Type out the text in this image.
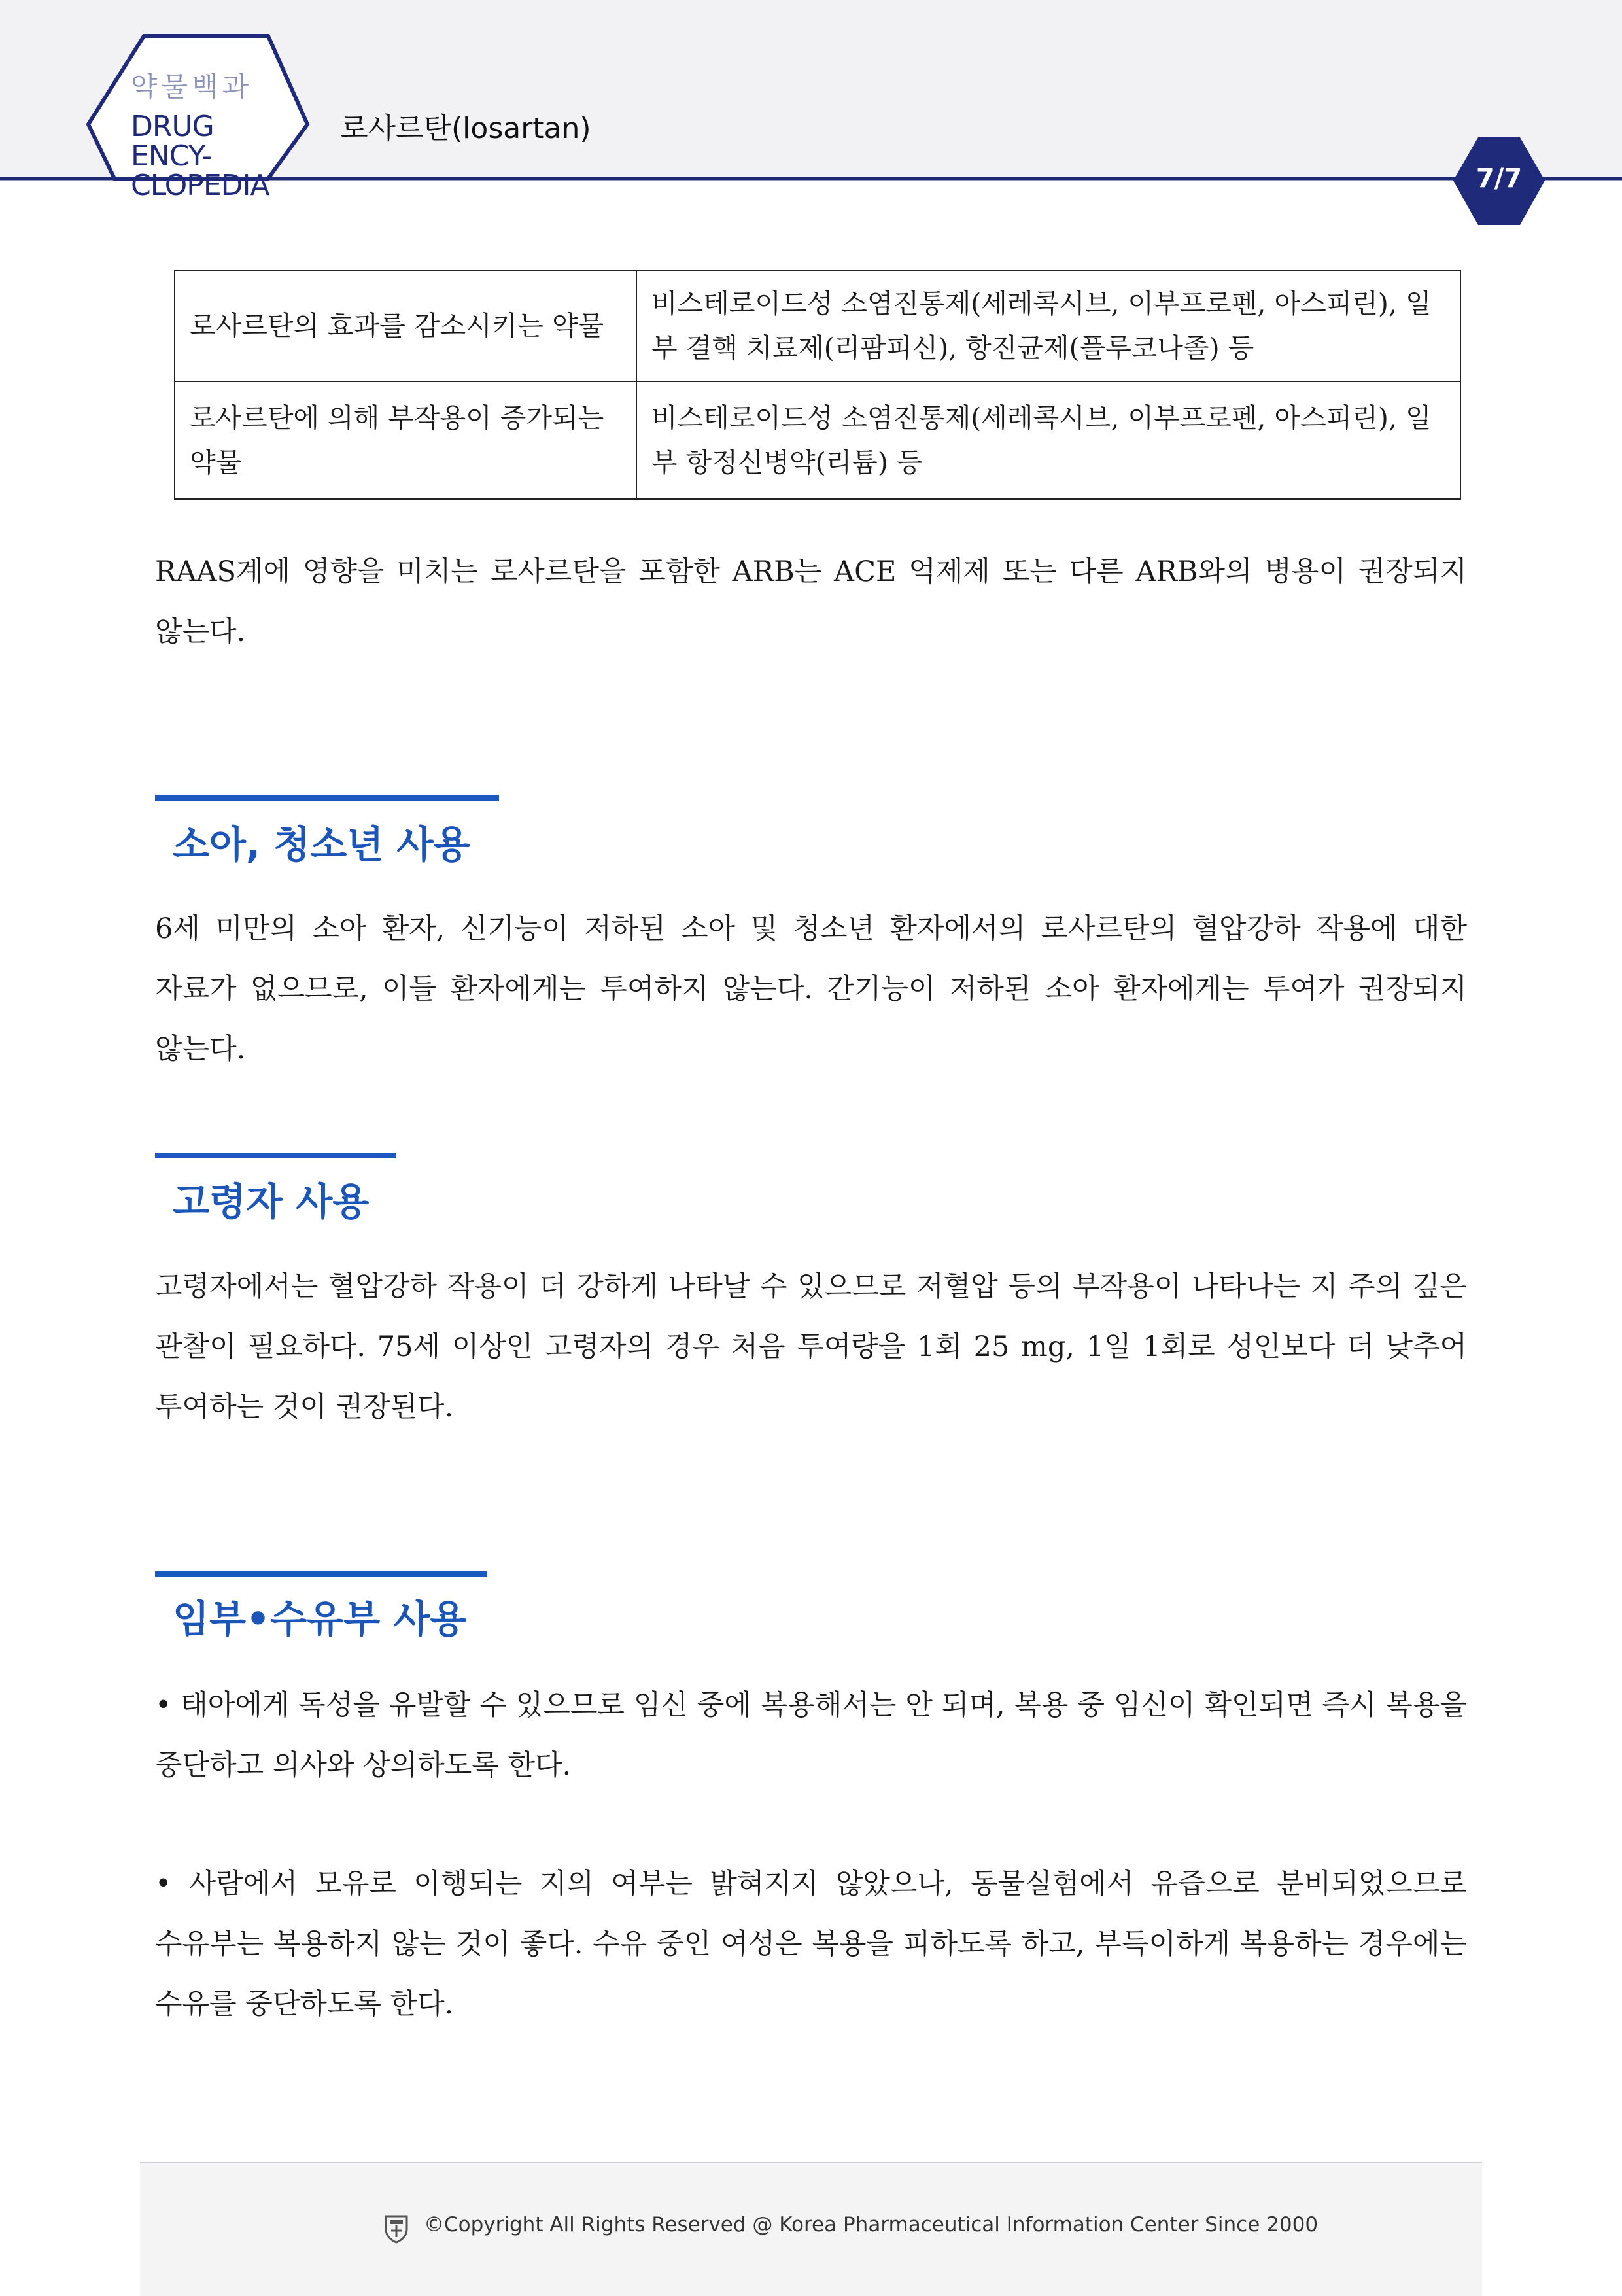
약물백과
DRUG ENCY-
CLOPEDIA
로사르탄(losartan)
7/7
로사르탄의 효과를 감소시키는 약물	비스테로이드성 소염진통제(세레콕시브, 이부프로펜, 아스피린), 일부 결핵 치료제(리팜피신), 항진균제(플루코나졸) 등
로사르탄에 의해 부작용이 증가되는 약물	비스테로이드성 소염진통제(세레콕시브, 이부프로펜, 아스피린), 일부 항정신병약(리튬) 등
RAAS계에 영향을 미치는 로사르탄을 포함한 ARB는 ACE 억제제 또는 다른 ARB와의 병용이 권장되지 않는다.
소아, 청소년 사용
6세 미만의 소아 환자, 신기능이 저하된 소아 및 청소년 환자에서의 로사르탄의 혈압강하 작용에 대한 자료가 없으므로, 이들 환자에게는 투여하지 않는다. 간기능이 저하된 소아 환자에게는 투여가 권장되지 않는다.
고령자 사용
고령자에서는 혈압강하 작용이 더 강하게 나타날 수 있으므로 저혈압 등의 부작용이 나타나는 지 주의 깊은 관찰이 필요하다. 75세 이상인 고령자의 경우 처음 투여량을 1회 25 mg, 1일 1회로 성인보다 더 낮추어 투여하는 것이 권장된다.
임부•수유부 사용
• 태아에게 독성을 유발할 수 있으므로 임신 중에 복용해서는 안 되며, 복용 중 임신이 확인되면 즉시 복용을 중단하고 의사와 상의하도록 한다.
• 사람에서 모유로 이행되는 지의 여부는 밝혀지지 않았으나, 동물실험에서 유즙으로 분비되었으므로 수유부는 복용하지 않는 것이 좋다. 수유 중인 여성은 복용을 피하도록 하고, 부득이하게 복용하는 경우에는 수유를 중단하도록 한다.
©Copyright All Rights Reserved @ Korea Pharmaceutical Information Center Since 2000
